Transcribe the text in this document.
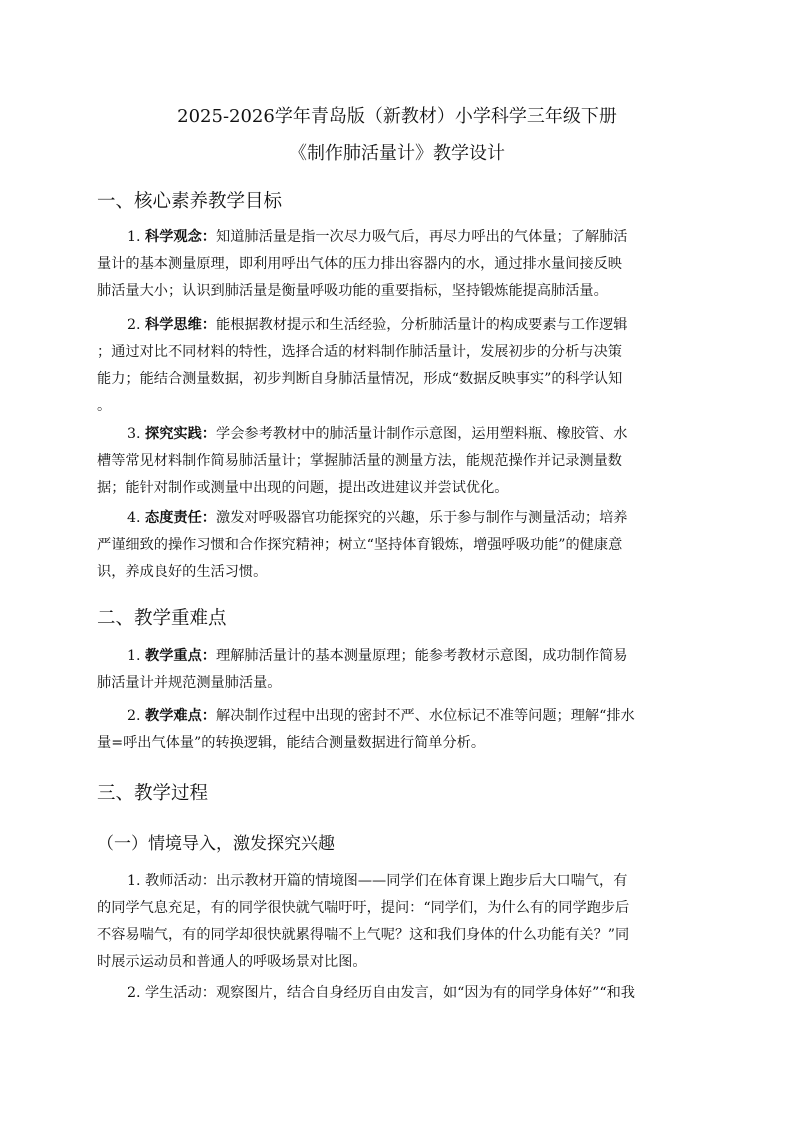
2025-2026学年青岛版（新教材）小学科学三年级下册
《制作肺活量计》教学设计
一、核心素养教学目标
1. 科学观念：知道肺活量是指一次尽力吸气后，再尽力呼出的气体量；了解肺活
量计的基本测量原理，即利用呼出气体的压力排出容器内的水，通过排水量间接反映
肺活量大小；认识到肺活量是衡量呼吸功能的重要指标，坚持锻炼能提高肺活量。
2. 科学思维：能根据教材提示和生活经验，分析肺活量计的构成要素与工作逻辑
；通过对比不同材料的特性，选择合适的材料制作肺活量计，发展初步的分析与决策
能力；能结合测量数据，初步判断自身肺活量情况，形成“数据反映事实”的科学认知
。
3. 探究实践：学会参考教材中的肺活量计制作示意图，运用塑料瓶、橡胶管、水
槽等常见材料制作简易肺活量计；掌握肺活量的测量方法，能规范操作并记录测量数
据；能针对制作或测量中出现的问题，提出改进建议并尝试优化。
4. 态度责任：激发对呼吸器官功能探究的兴趣，乐于参与制作与测量活动；培养
严谨细致的操作习惯和合作探究精神；树立“坚持体育锻炼，增强呼吸功能”的健康意
识，养成良好的生活习惯。
二、教学重难点
1. 教学重点：理解肺活量计的基本测量原理；能参考教材示意图，成功制作简易
肺活量计并规范测量肺活量。
2. 教学难点：解决制作过程中出现的密封不严、水位标记不准等问题；理解“排水
量=呼出气体量”的转换逻辑，能结合测量数据进行简单分析。
三、教学过程
（一）情境导入，激发探究兴趣
1. 教师活动：出示教材开篇的情境图——同学们在体育课上跑步后大口喘气，有
的同学气息充足，有的同学很快就气喘吁吁，提问：“同学们，为什么有的同学跑步后
不容易喘气，有的同学却很快就累得喘不上气呢？这和我们身体的什么功能有关？”同
时展示运动员和普通人的呼吸场景对比图。
2. 学生活动：观察图片，结合自身经历自由发言，如“因为有的同学身体好”“和我
